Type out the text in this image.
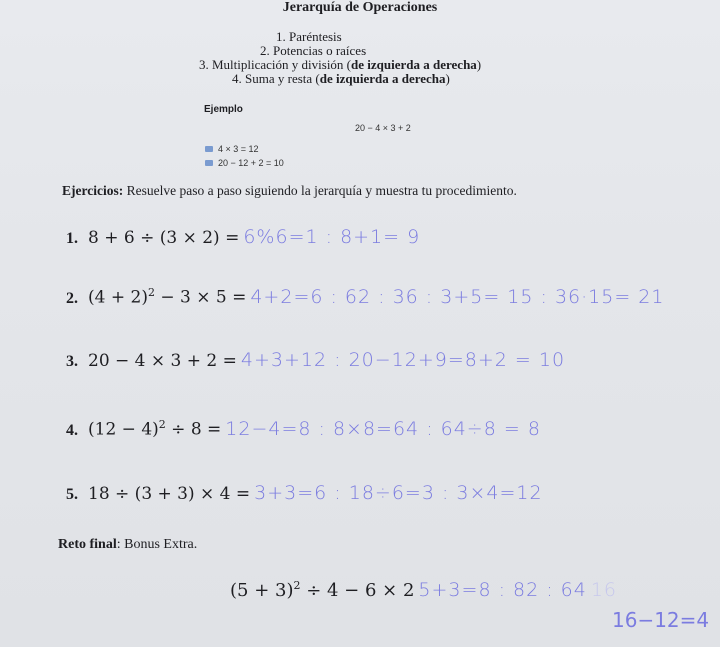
Jerarquía de Operaciones
1. Paréntesis
2. Potencias o raíces
3. Multiplicación y división (de izquierda a derecha)
4. Suma y resta (de izquierda a derecha)
Ejemplo
20 − 4 × 3 + 2
4 × 3 = 12
20 − 12 + 2 = 10
Ejercicios: Resuelve paso a paso siguiendo la jerarquía y muestra tu procedimiento.
1. 8 + 6 ÷ (3 × 2) = 6%6=1 : 8+1= 9
2. $(4 + 2)^2 - 3 \times 5 = 4+2=6$ : 62 : 36 : 3+5= 15 : 36·15= 21
3. 20 − 4 × 3 + 2 = 4+3+12 : 20−12+9=8+2 = 10
4. $(12 - 4)^2 \div 8 = 12-4=8$ : 8×8=64 : 64÷8 = 8
5. 18 ÷ (3 + 3) × 4 = 3+3=6 : 18÷6=3 : 3×4=12
Reto final: Bonus Extra.
$(5 + 3)^2 \div 4 - 6 \times 2$ 5+3=8 : 82 : 64 16
16−12=4
